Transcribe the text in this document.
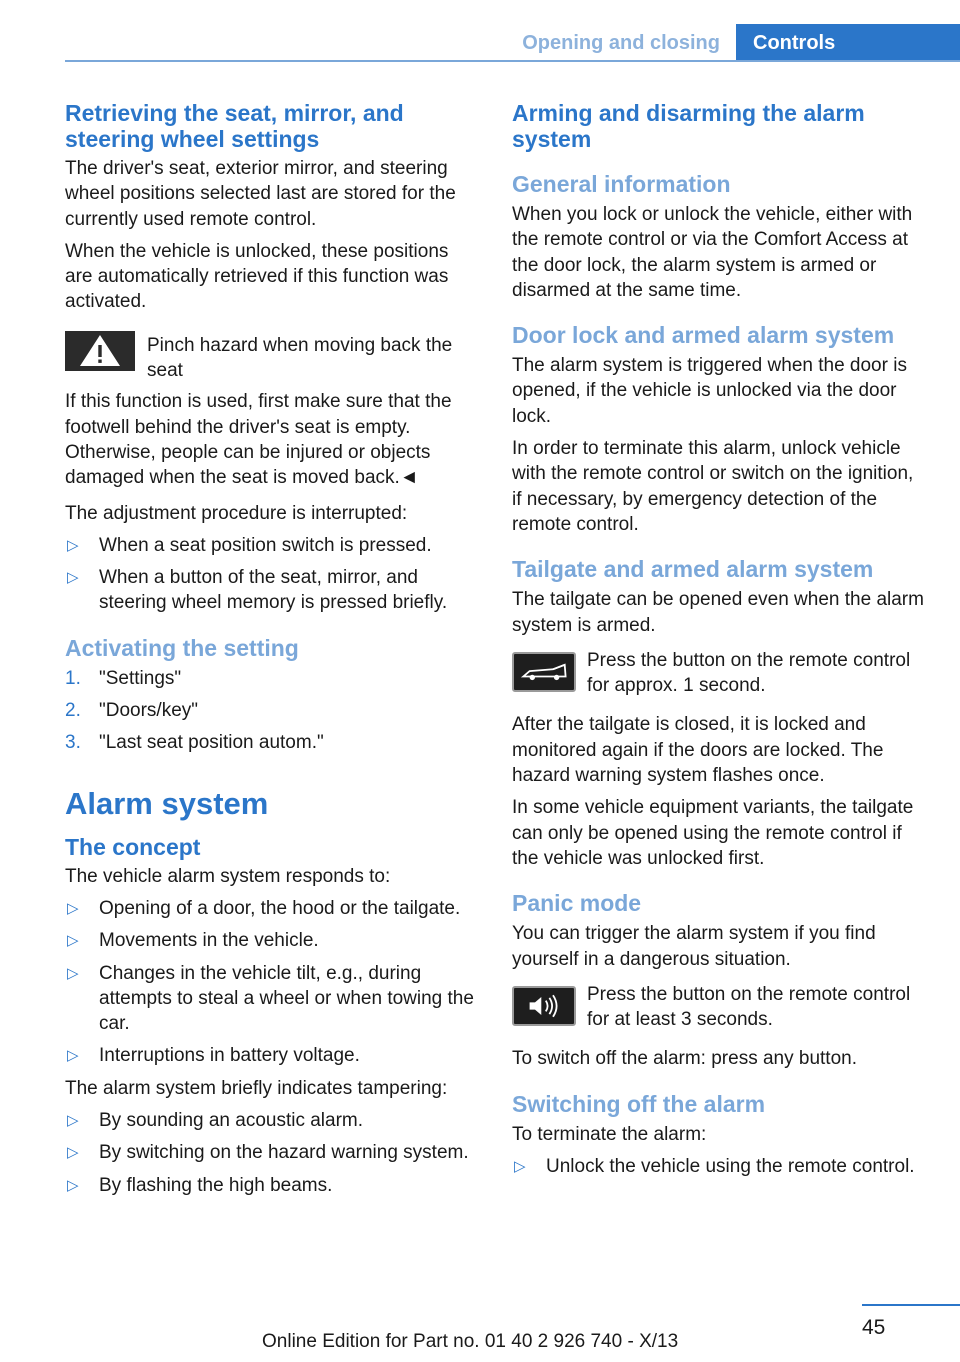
Opening and closing	Controls
Retrieving the seat, mirror, and steering wheel settings

The driver's seat, exterior mirror, and steering wheel positions selected last are stored for the currently used remote control.

When the vehicle is unlocked, these positions are automatically retrieved if this function was activated.

Pinch hazard when moving back the seat

If this function is used, first make sure that the footwell behind the driver's seat is empty. Otherwise, people can be injured or objects damaged when the seat is moved back.◄

The adjustment procedure is interrupted:

▷ When a seat position switch is pressed.
▷ When a button of the seat, mirror, and steering wheel memory is pressed briefly.
Activating the setting
1. "Settings"
2. "Doors/key"
3. "Last seat position autom."
Alarm system
The concept

The vehicle alarm system responds to:

▷ Opening of a door, the hood or the tailgate.
▷ Movements in the vehicle.
▷ Changes in the vehicle tilt, e.g., during attempts to steal a wheel or when towing the car.
▷ Interruptions in battery voltage.

The alarm system briefly indicates tampering:

▷ By sounding an acoustic alarm.
▷ By switching on the hazard warning system.
▷ By flashing the high beams.
Arming and disarming the alarm system
General information

When you lock or unlock the vehicle, either with the remote control or via the Comfort Access at the door lock, the alarm system is armed or disarmed at the same time.

Door lock and armed alarm system

The alarm system is triggered when the door is opened, if the vehicle is unlocked via the door lock.

In order to terminate this alarm, unlock vehicle with the remote control or switch on the ignition, if necessary, by emergency detection of the remote control.

Tailgate and armed alarm system

The tailgate can be opened even when the alarm system is armed.

Press the button on the remote control for approx. 1 second.

After the tailgate is closed, it is locked and monitored again if the doors are locked. The hazard warning system flashes once.

In some vehicle equipment variants, the tailgate can only be opened using the remote control if the vehicle was unlocked first.

Panic mode

You can trigger the alarm system if you find yourself in a dangerous situation.

Press the button on the remote control for at least 3 seconds.

To switch off the alarm: press any button.

Switching off the alarm

To terminate the alarm:

▷ Unlock the vehicle using the remote control.
45
Online Edition for Part no. 01 40 2 926 740 - X/13
